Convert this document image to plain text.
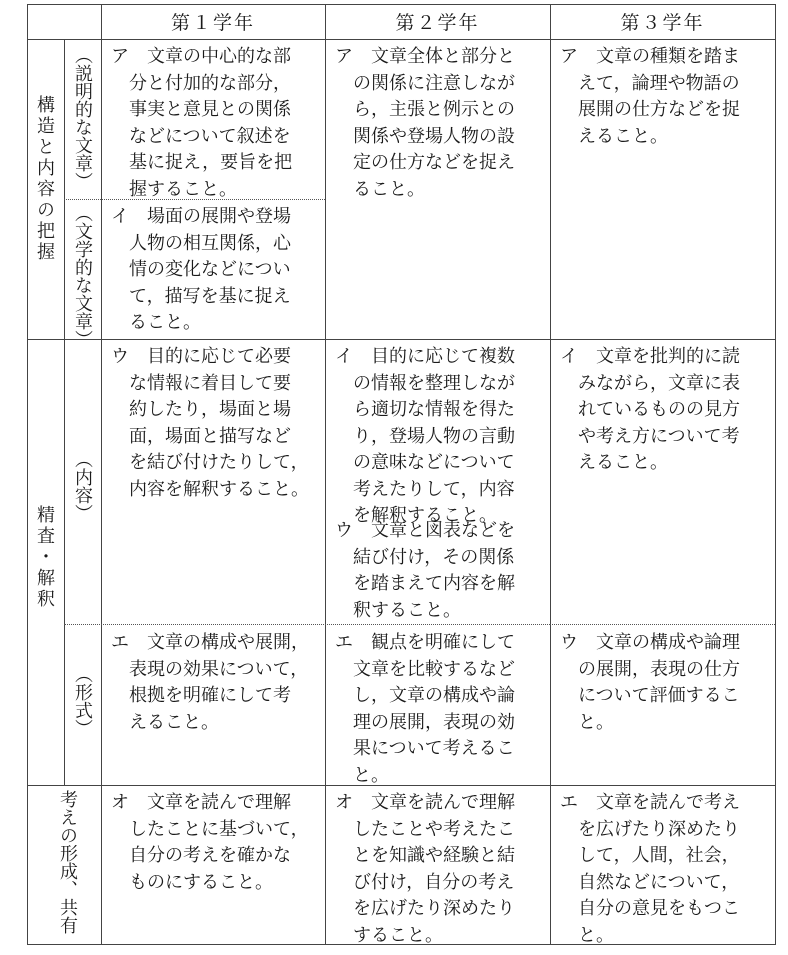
第１学年	第２学年	第３学年
構造と内容の把握 （説明的な文章）
（文学的な文章）
精査・解釈
（内容）
（形式）
考えの形成、共有
ア　文章の中心的な部
　分と付加的な部分，
　事実と意見との関係
　などについて叙述を
　基に捉え，要旨を把
　握すること。
イ　場面の展開や登場
　人物の相互関係，心
　情の変化などについ
　て，描写を基に捉え
　ること。
ア　文章全体と部分と
　の関係に注意しなが
　ら，主張と例示との
　関係や登場人物の設
　定の仕方などを捉え
　ること。
ア　文章の種類を踏ま
　えて，論理や物語の
　展開の仕方などを捉
　えること。
ウ　目的に応じて必要
　な情報に着目して要
　約したり，場面と場
　面，場面と描写など
　を結び付けたりして，
　内容を解釈すること。
イ　目的に応じて複数
　の情報を整理しなが
　ら適切な情報を得た
　り，登場人物の言動
　の意味などについて
　考えたりして，内容
　を解釈すること。
ウ　文章と図表などを
　結び付け，その関係
　を踏まえて内容を解
　釈すること。
イ　文章を批判的に読
　みながら，文章に表
　れているものの見方
　や考え方について考
　えること。
エ　文章の構成や展開，
　表現の効果について，
　根拠を明確にして考
　えること。
エ　観点を明確にして
　文章を比較するなど
　し，文章の構成や論
　理の展開，表現の効
　果について考えるこ
　と。
ウ　文章の構成や論理
　の展開，表現の仕方
　について評価するこ
　と。
オ　文章を読んで理解
　したことに基づいて，
　自分の考えを確かな
　ものにすること。
オ　文章を読んで理解
　したことや考えたこ
　とを知識や経験と結
　び付け，自分の考え
　を広げたり深めたり
　すること。
エ　文章を読んで考え
　を広げたり深めたり
　して，人間，社会，
　自然などについて，
　自分の意見をもつこ
　と。
